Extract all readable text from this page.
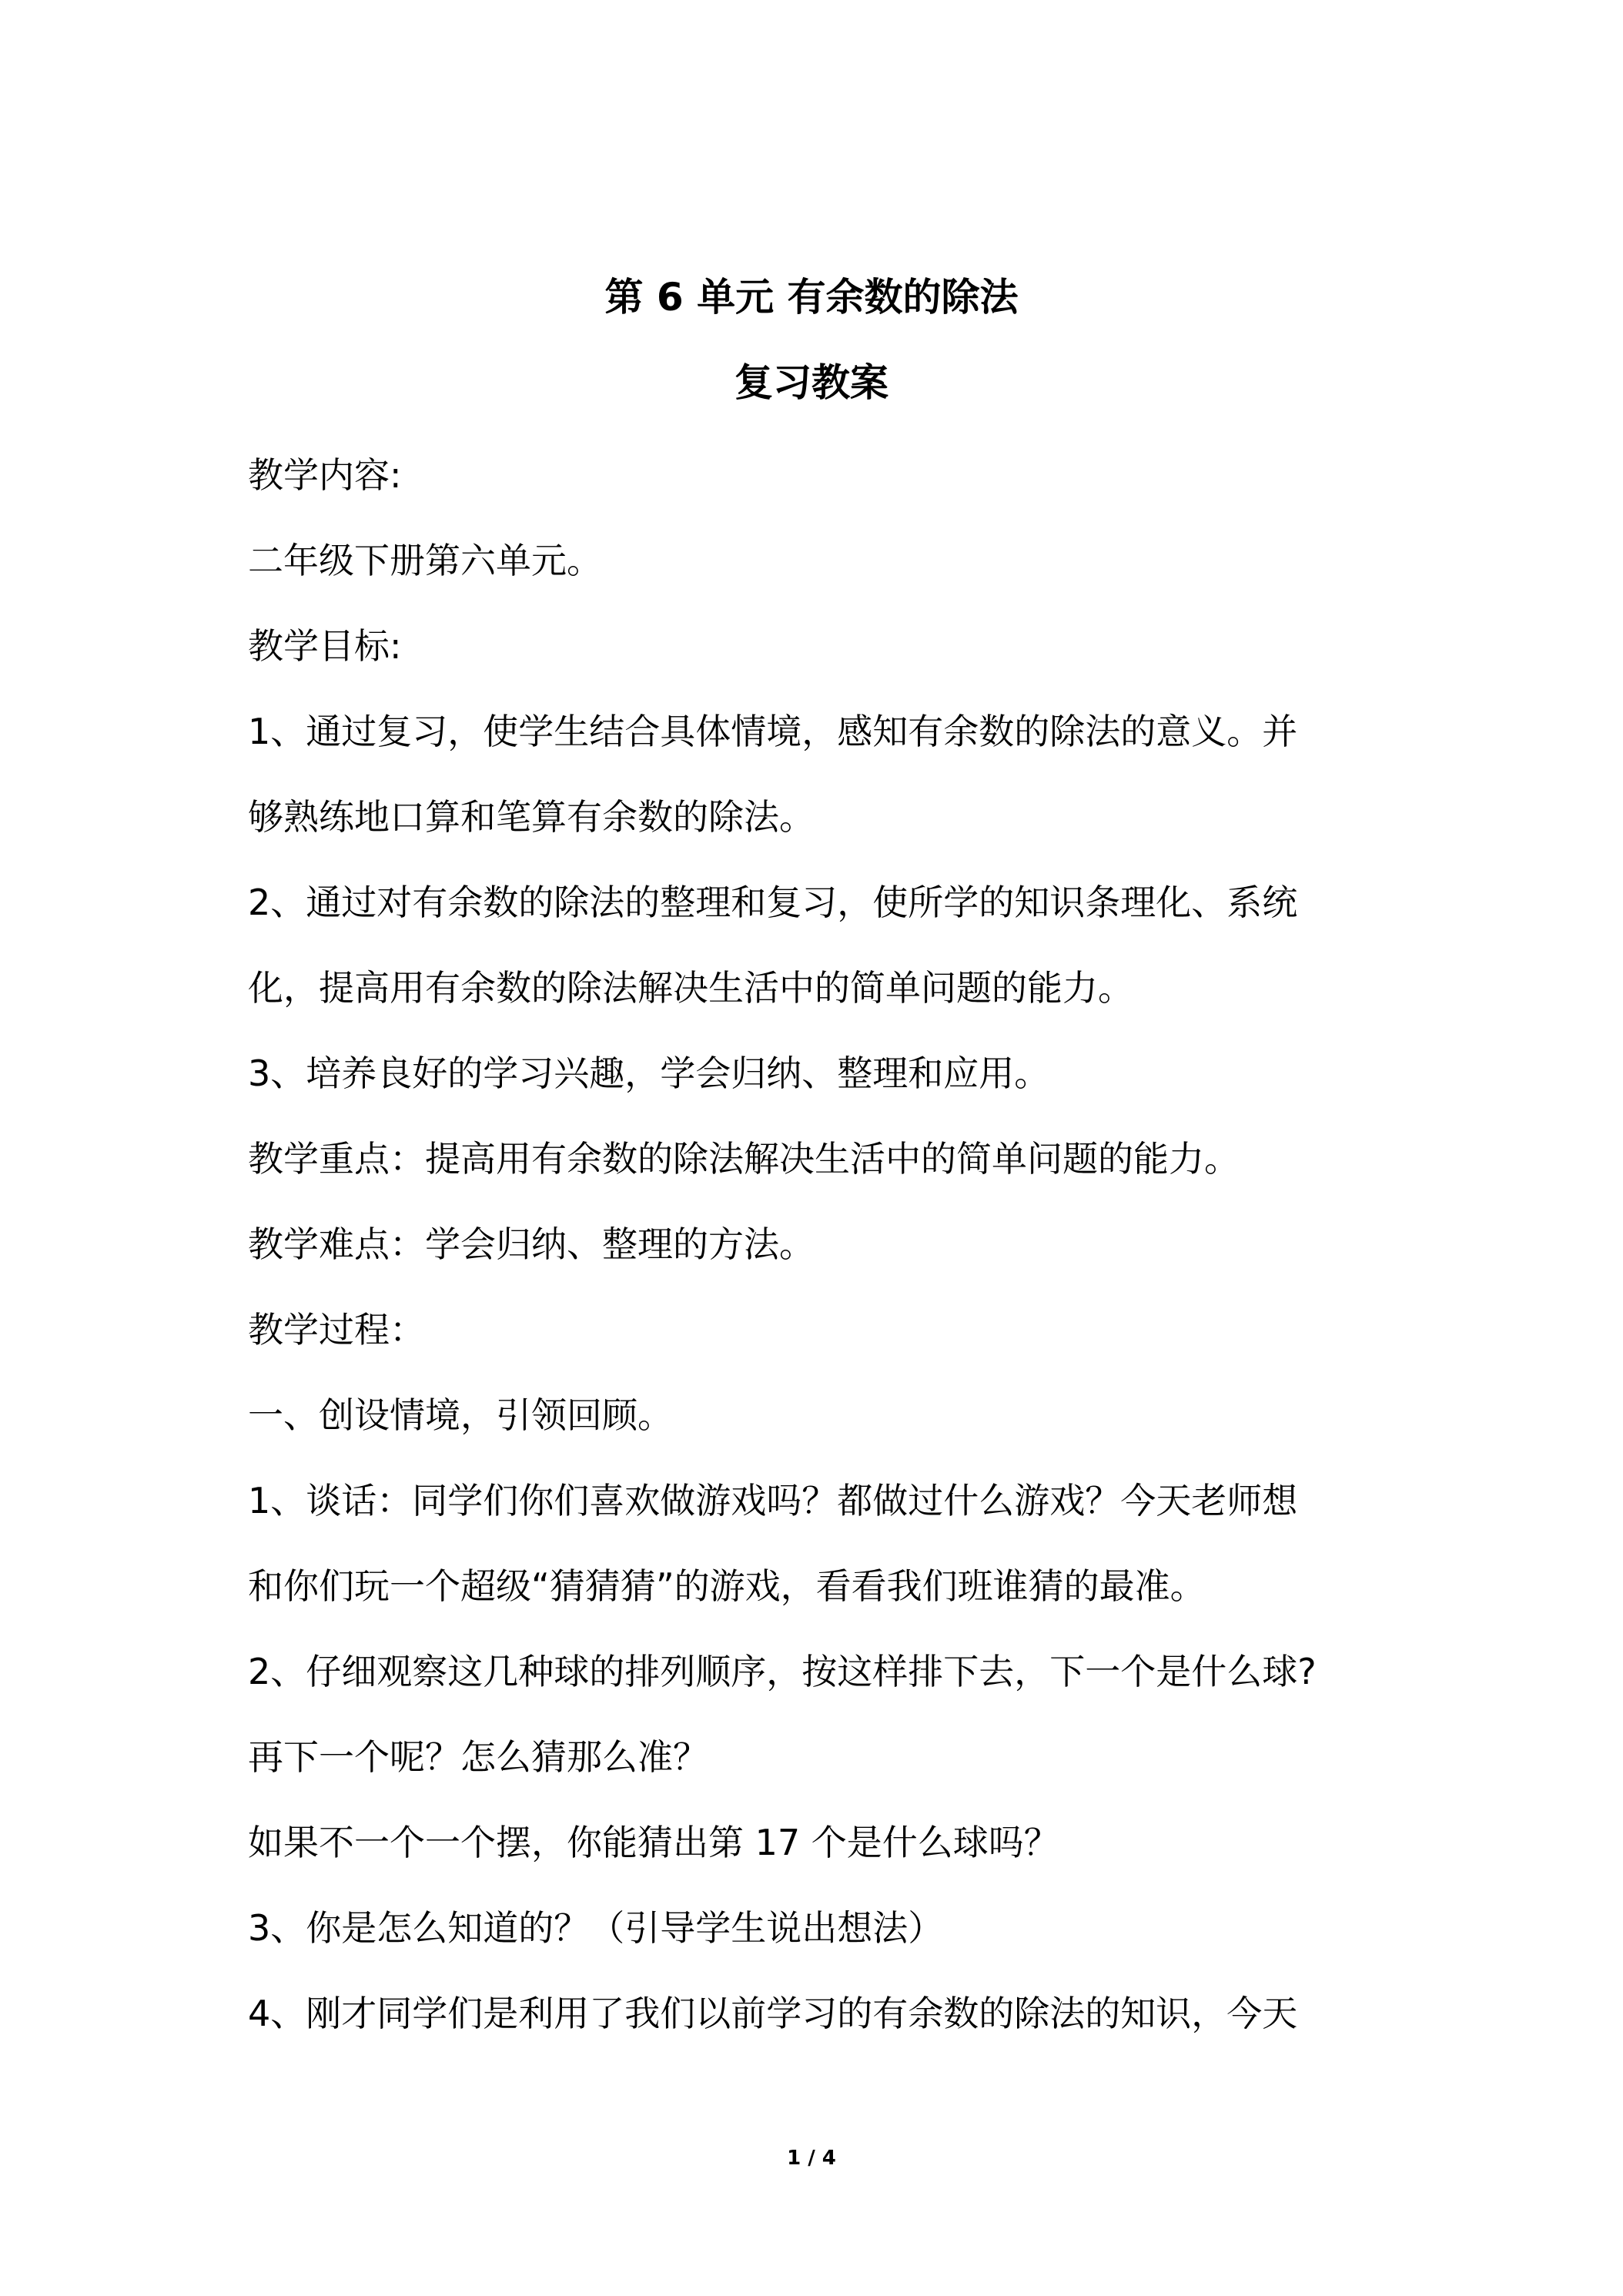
第 6 单元 有余数的除法
复习教案
教学内容:
二年级下册第六单元。
教学目标:
1、通过复习，使学生结合具体情境，感知有余数的除法的意义。并
够熟练地口算和笔算有余数的除法。
2、通过对有余数的除法的整理和复习，使所学的知识条理化、系统
化，提高用有余数的除法解决生活中的简单问题的能力。
3、培养良好的学习兴趣，学会归纳、整理和应用。
教学重点：提高用有余数的除法解决生活中的简单问题的能力。
教学难点：学会归纳、整理的方法。
教学过程：
一、创设情境，引领回顾。
1、谈话：同学们你们喜欢做游戏吗？都做过什么游戏？今天老师想
和你们玩一个超级“猜猜猜”的游戏，看看我们班谁猜的最准。
2、仔细观察这几种球的排列顺序，按这样排下去，下一个是什么球?
再下一个呢？怎么猜那么准？
如果不一个一个摆，你能猜出第 17 个是什么球吗？
3、你是怎么知道的？（引导学生说出想法）
4、刚才同学们是利用了我们以前学习的有余数的除法的知识，今天
1 / 4
